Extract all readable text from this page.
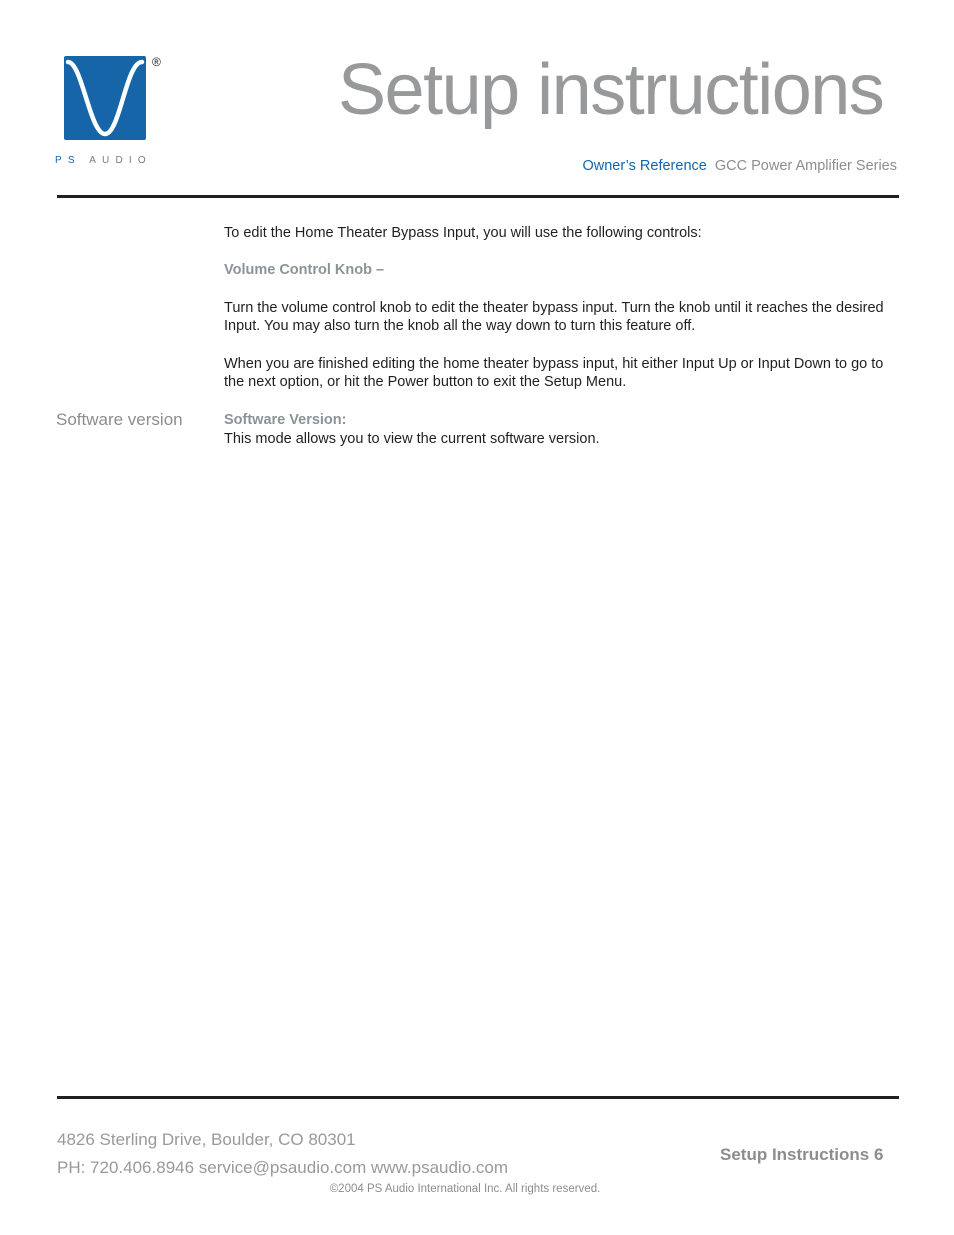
®
PS AUDIO
Setup instructions
Owner’s Reference GCC Power Amplifier Series
To edit the Home Theater Bypass Input, you will use the following controls:
Volume Control Knob –
Turn the volume control knob to edit the theater bypass input. Turn the knob until it reaches the desired Input. You may also turn the knob all the way down to turn this feature off.
When you are finished editing the home theater bypass input, hit either Input Up or Input Down to go to the next option, or hit the Power button to exit the Setup Menu.
Software version	Software Version:
This mode allows you to view the current software version.
4826 Sterling Drive, Boulder, CO 80301
PH: 720.406.8946 service@psaudio.com www.psaudio.com
Setup Instructions 6
©2004 PS Audio International Inc. All rights reserved.
